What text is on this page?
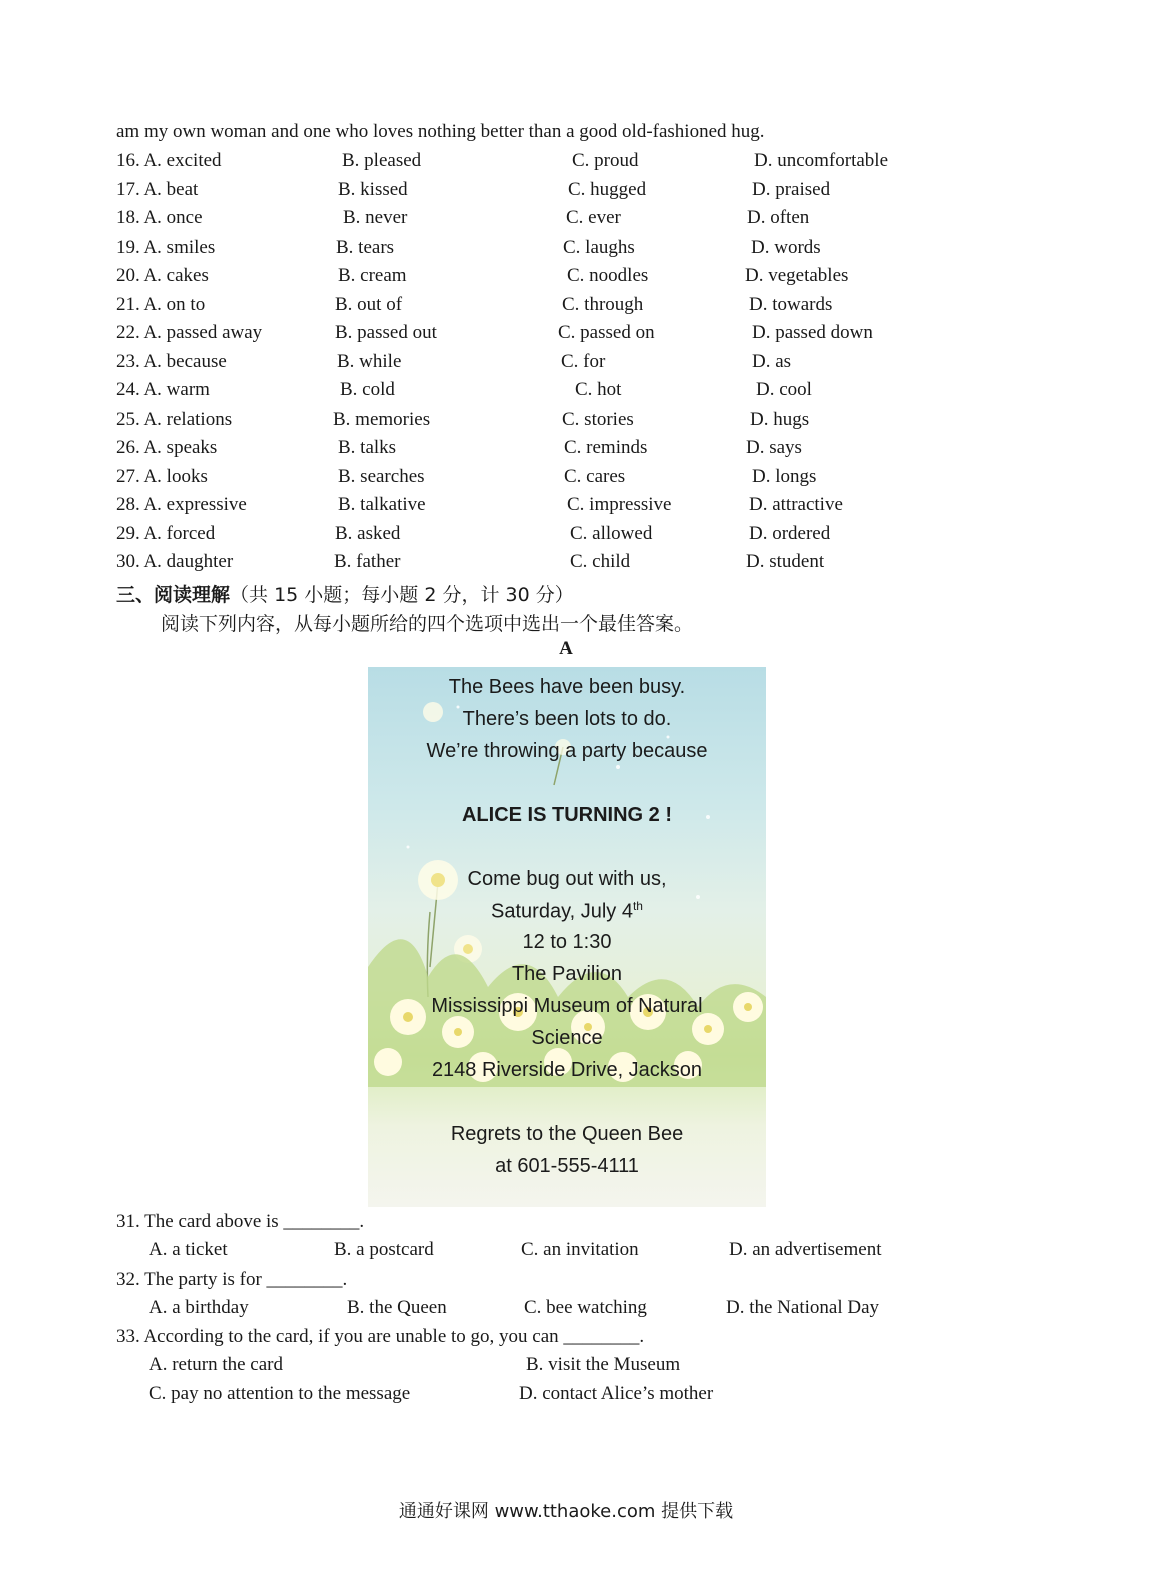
am my own woman and one who loves nothing better than a good old-fashioned hug.
16. A. excited	B. pleased	C. proud	D. uncomfortable
17. A. beat	B. kissed	C. hugged	D. praised
18. A. once	B. never	C. ever	D. often
19. A. smiles	B. tears	C. laughs	D. words
20. A. cakes	B. cream	C. noodles	D. vegetables
21. A. on to	B. out of	C. through	D. towards
22. A. passed away	B. passed out	C. passed on	D. passed down
23. A. because	B. while	C. for	D. as
24. A. warm	B. cold	C. hot	D. cool
25. A. relations	B. memories	C. stories	D. hugs
26. A. speaks	B. talks	C. reminds	D. says
27. A. looks	B. searches	C. cares	D. longs
28. A. expressive	B. talkative	C. impressive	D. attractive
29. A. forced	B. asked	C. allowed	D. ordered
30. A. daughter	B. father	C. child	D. student
三、阅读理解（共 15 小题；每小题 2 分，计 30 分）
阅读下列内容，从每小题所给的四个选项中选出一个最佳答案。
A
The Bees have been busy.
There’s been lots to do.
We’re throwing a party because
ALICE IS TURNING 2 !
Come bug out with us,
Saturday, July 4th
12 to 1:30
The Pavilion
Mississippi Museum of Natural
Science
2148 Riverside Drive, Jackson
Regrets to the Queen Bee
at 601-555-4111
31. The card above is ________.
A. a ticket	B. a postcard	C. an invitation	D. an advertisement
32. The party is for ________.
A. a birthday	B. the Queen	C. bee watching	D. the National Day
33. According to the card, if you are unable to go, you can ________.
A. return the card	B. visit the Museum
C. pay no attention to the message	D. contact Alice’s mother
通通好课网 www.tthaoke.com 提供下载
